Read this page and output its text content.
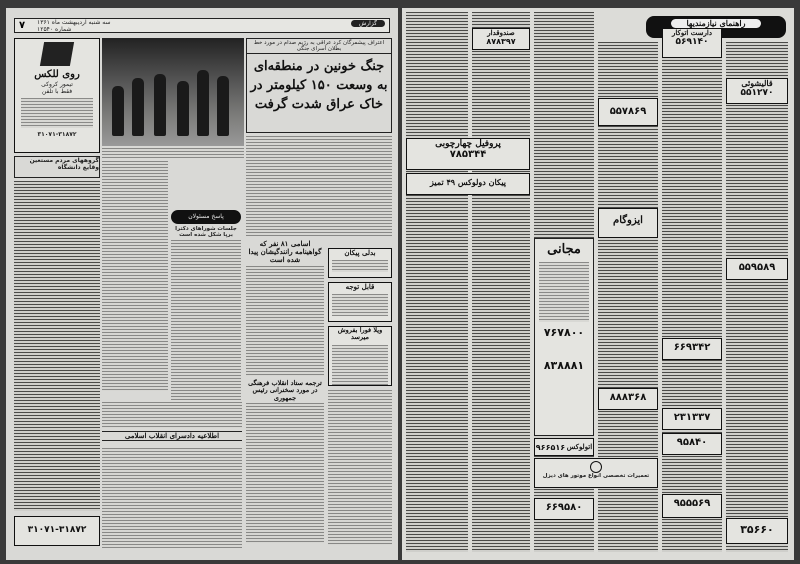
گزارش
سه شنبه اردیبهشت ماه ۱۳۶۱
شماره ۱۲۵۴۰
۷
روی للکس
تیمور کروکی
فقط با تلفن
۳۱۰۷۱-۳۱۸۷۲
اعتراف پیشمرگان کرد عراقی به رژیم صدام در مورد خط بطلان اسرای جنگی
جنگ خونین در منطقه‌ای
به وسعت ۱۵۰ کیلومتر در
خاک عراق شدت گرفت
گروههای مردم مستعین وقایع دانشگاه
۳۱۰۷۱-۳۱۸۷۲
پاسخ مسئولان
جلسات شوراهای دکترا برپا شکل شده است
اطلاعیه دادسرای انقلاب اسلامی
اسامی ۸۱ نفر که گواهینامه رانندگیشان پیدا شده است
ترجمه ستاد انقلاب فرهنگی در مورد سخنرانی رئیس جمهوری
بدلی پیکان
قابل توجه
ویلا فورا بفروش میرسد
راهنمای نیازمندیها
پروفیل چهارچوبی
۷۸۵۳۴۴
پیکان دولوکس ۴۹ تمیز
صندوقدار
۸۷۸۳۹۷
مجانی
۷۶۷۸۰۰
۸۳۸۸۸۱
ایزوگام
تعمیرات تخصصی انواع موتور های دیزل
اتولوکس
۹۶۶۵۱۶
دارست اتوکار
۵۶۹۱۴۰
قالیشوئی
۵۵۱۲۷۰
۵۵۷۸۶۹
۵۵۹۵۸۹
۶۶۹۳۴۲
۸۸۸۳۶۸
۲۳۱۳۳۷
۹۵۸۴۰
۶۶۹۵۸۰	۹۵۵۵۶۹
۳۵۶۶۰
